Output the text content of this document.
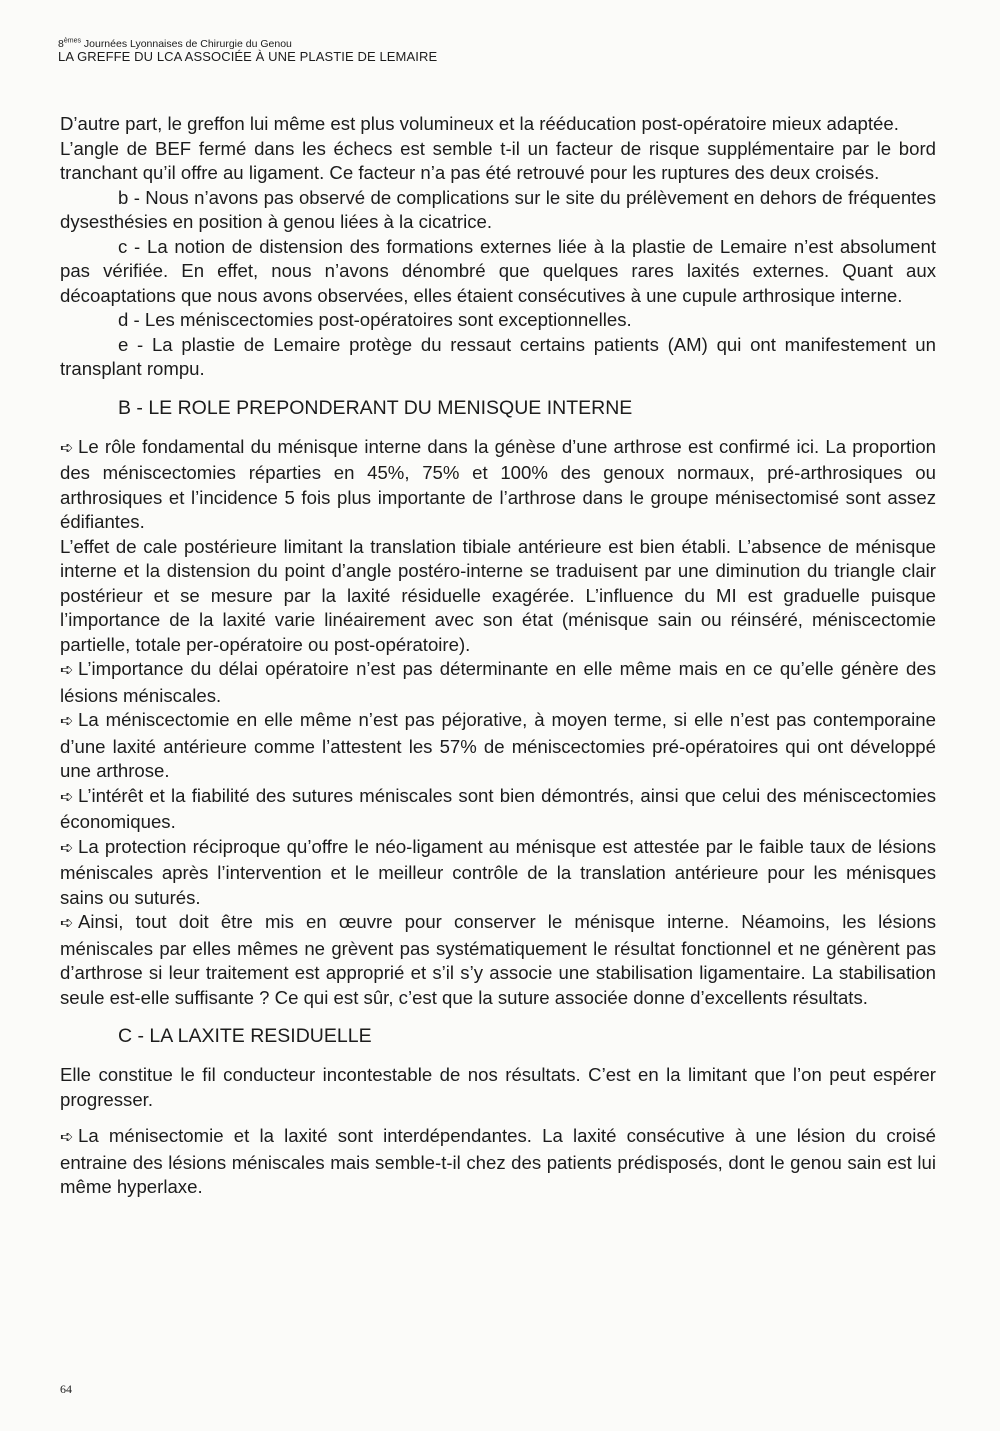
8èmes Journées Lyonnaises de Chirurgie du Genou
LA GREFFE DU LCA ASSOCIÉE À UNE PLASTIE DE LEMAIRE

D’autre part, le greffon lui même est plus volumineux et la rééducation post-opératoire mieux adaptée.

L’angle de BEF fermé dans les échecs est semble t-il un facteur de risque supplémentaire par le bord tranchant qu’il offre au ligament. Ce facteur n’a pas été retrouvé pour les ruptures des deux croisés.

b - Nous n’avons pas observé de complications sur le site du prélèvement en dehors de fréquentes dysesthésies en position à genou liées à la cicatrice.

c - La notion de distension des formations externes liée à la plastie de Lemaire n’est absolument pas vérifiée. En effet, nous n’avons dénombré que quelques rares laxités externes. Quant aux décoaptations que nous avons observées, elles étaient consécutives à une cupule arthrosique interne.

d - Les méniscectomies post-opératoires sont exceptionnelles.

e - La plastie de Lemaire protège du ressaut certains patients (AM) qui ont manifestement un transplant rompu.

B - LE ROLE PREPONDERANT DU MENISQUE INTERNE

➪ Le rôle fondamental du ménisque interne dans la génèse d’une arthrose est confirmé ici. La proportion des méniscectomies réparties en 45%, 75% et 100% des genoux normaux, pré-arthrosiques ou arthrosiques et l’incidence 5 fois plus importante de l’arthrose dans le groupe ménisectomisé sont assez édifiantes.

L’effet de cale postérieure limitant la translation tibiale antérieure est bien établi. L’absence de ménisque interne et la distension du point d’angle postéro-interne se traduisent par une diminution du triangle clair postérieur et se mesure par la laxité résiduelle exagérée. L’influence du MI est graduelle puisque l’importance de la laxité varie linéairement avec son état (ménisque sain ou réinséré, méniscectomie partielle, totale per-opératoire ou post-opératoire).

➪ L’importance du délai opératoire n’est pas déterminante en elle même mais en ce qu’elle génère des lésions méniscales.

➪ La méniscectomie en elle même n’est pas péjorative, à moyen terme, si elle n’est pas contemporaine d’une laxité antérieure comme l’attestent les 57% de méniscectomies pré-opératoires qui ont développé une arthrose.

➪ L’intérêt et la fiabilité des sutures méniscales sont bien démontrés, ainsi que celui des méniscectomies économiques.

➪ La protection réciproque qu’offre le néo-ligament au ménisque est attestée par le faible taux de lésions méniscales après l’intervention et le meilleur contrôle de la translation antérieure pour les ménisques sains ou suturés.

➪ Ainsi, tout doit être mis en œuvre pour conserver le ménisque interne. Néamoins, les lésions méniscales par elles mêmes ne grèvent pas systématiquement le résultat fonctionnel et ne génèrent pas d’arthrose si leur traitement est approprié et s’il s’y associe une stabilisation ligamentaire. La stabilisation seule est-elle suffisante ? Ce qui est sûr, c’est que la suture associée donne d’excellents résultats.

C - LA LAXITE RESIDUELLE

Elle constitue le fil conducteur incontestable de nos résultats. C’est en la limitant que l’on peut espérer progresser.

➪ La ménisectomie et la laxité sont interdépendantes. La laxité consécutive à une lésion du croisé entraine des lésions méniscales mais semble-t-il chez des patients prédisposés, dont le genou sain est lui même hyperlaxe.

64
